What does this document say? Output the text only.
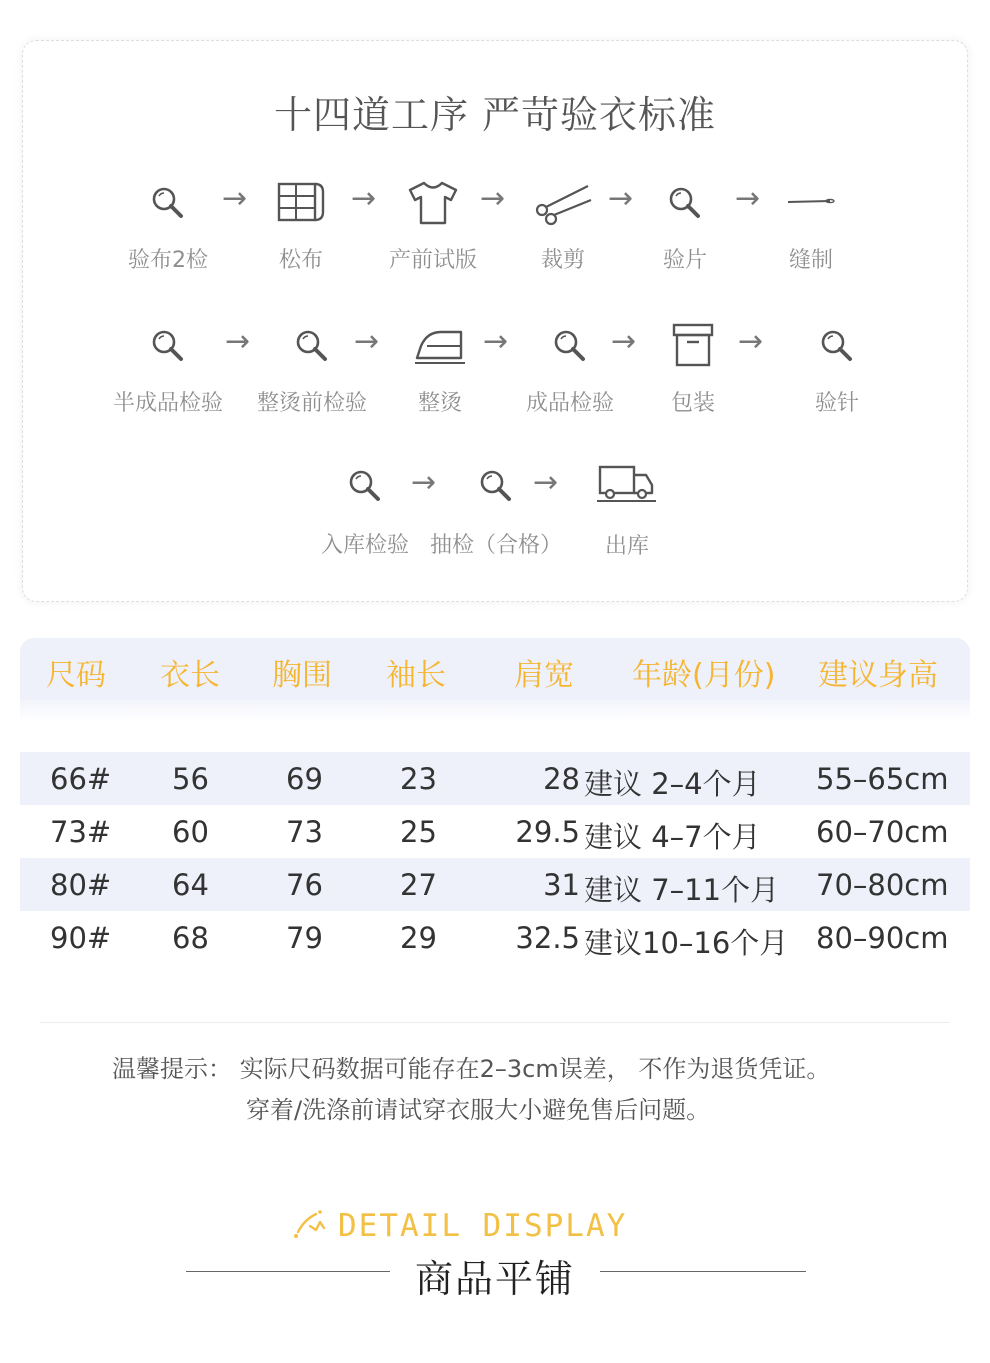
十四道工序 严苛验衣标准
验布2检
→
松布
→
产前试版
→
裁剪
→
验片
→
缝制
半成品检验
→
整烫前检验
→
整烫
→
成品检验
→
包装
→
验针
入库检验
→
抽检（合格）
→
出库
尺码 衣长 胸围 袖长 肩宽 年龄(月份) 建议身高
66# 56	69	23	28 建议 2–4个月 55–65cm
73# 60	73	25	29.5 建议 4–7个月 60–70cm
80# 64	76	27	31 建议 7–11个月 70–80cm
90# 68	79	29	32.5 建议10–16个月 80–90cm
温馨提示： 实际尺码数据可能存在2–3cm误差， 不作为退货凭证。
穿着/洗涤前请试穿衣服大小避免售后问题。
DETAIL DISPLAY
商品平铺
